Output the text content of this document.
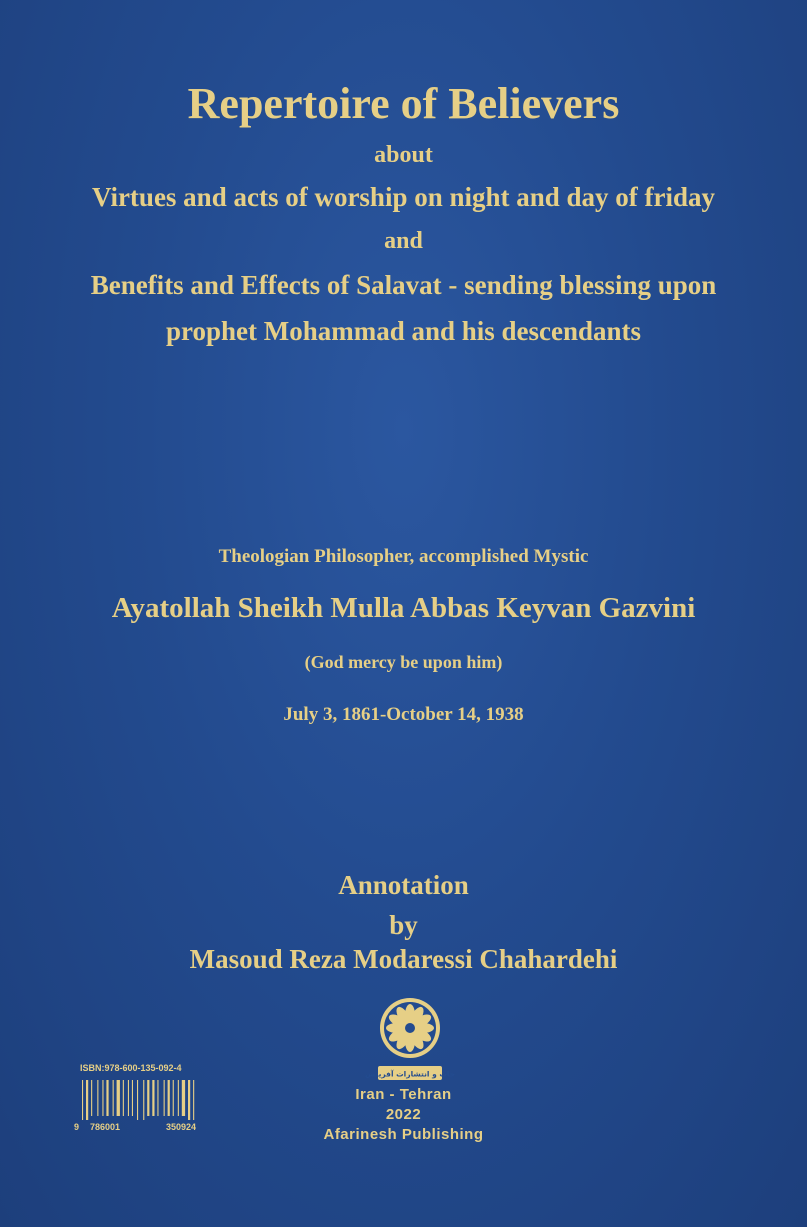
Repertoire of Believers
about
Virtues and acts of worship on night and day of friday
and
Benefits and Effects of Salavat - sending blessing upon
prophet Mohammad and his descendants
Theologian Philosopher, accomplished Mystic
Ayatollah Sheikh Mulla Abbas Keyvan Gazvini
(God mercy be upon him)
July 3, 1861-October 14, 1938
Annotation
by
Masoud Reza Modaressi Chahardehi
چاپ و انتشارات آفرینش
Iran - Tehran
2022
Afarinesh Publishing
ISBN:978-600-135-092-4
9 786001	350924
